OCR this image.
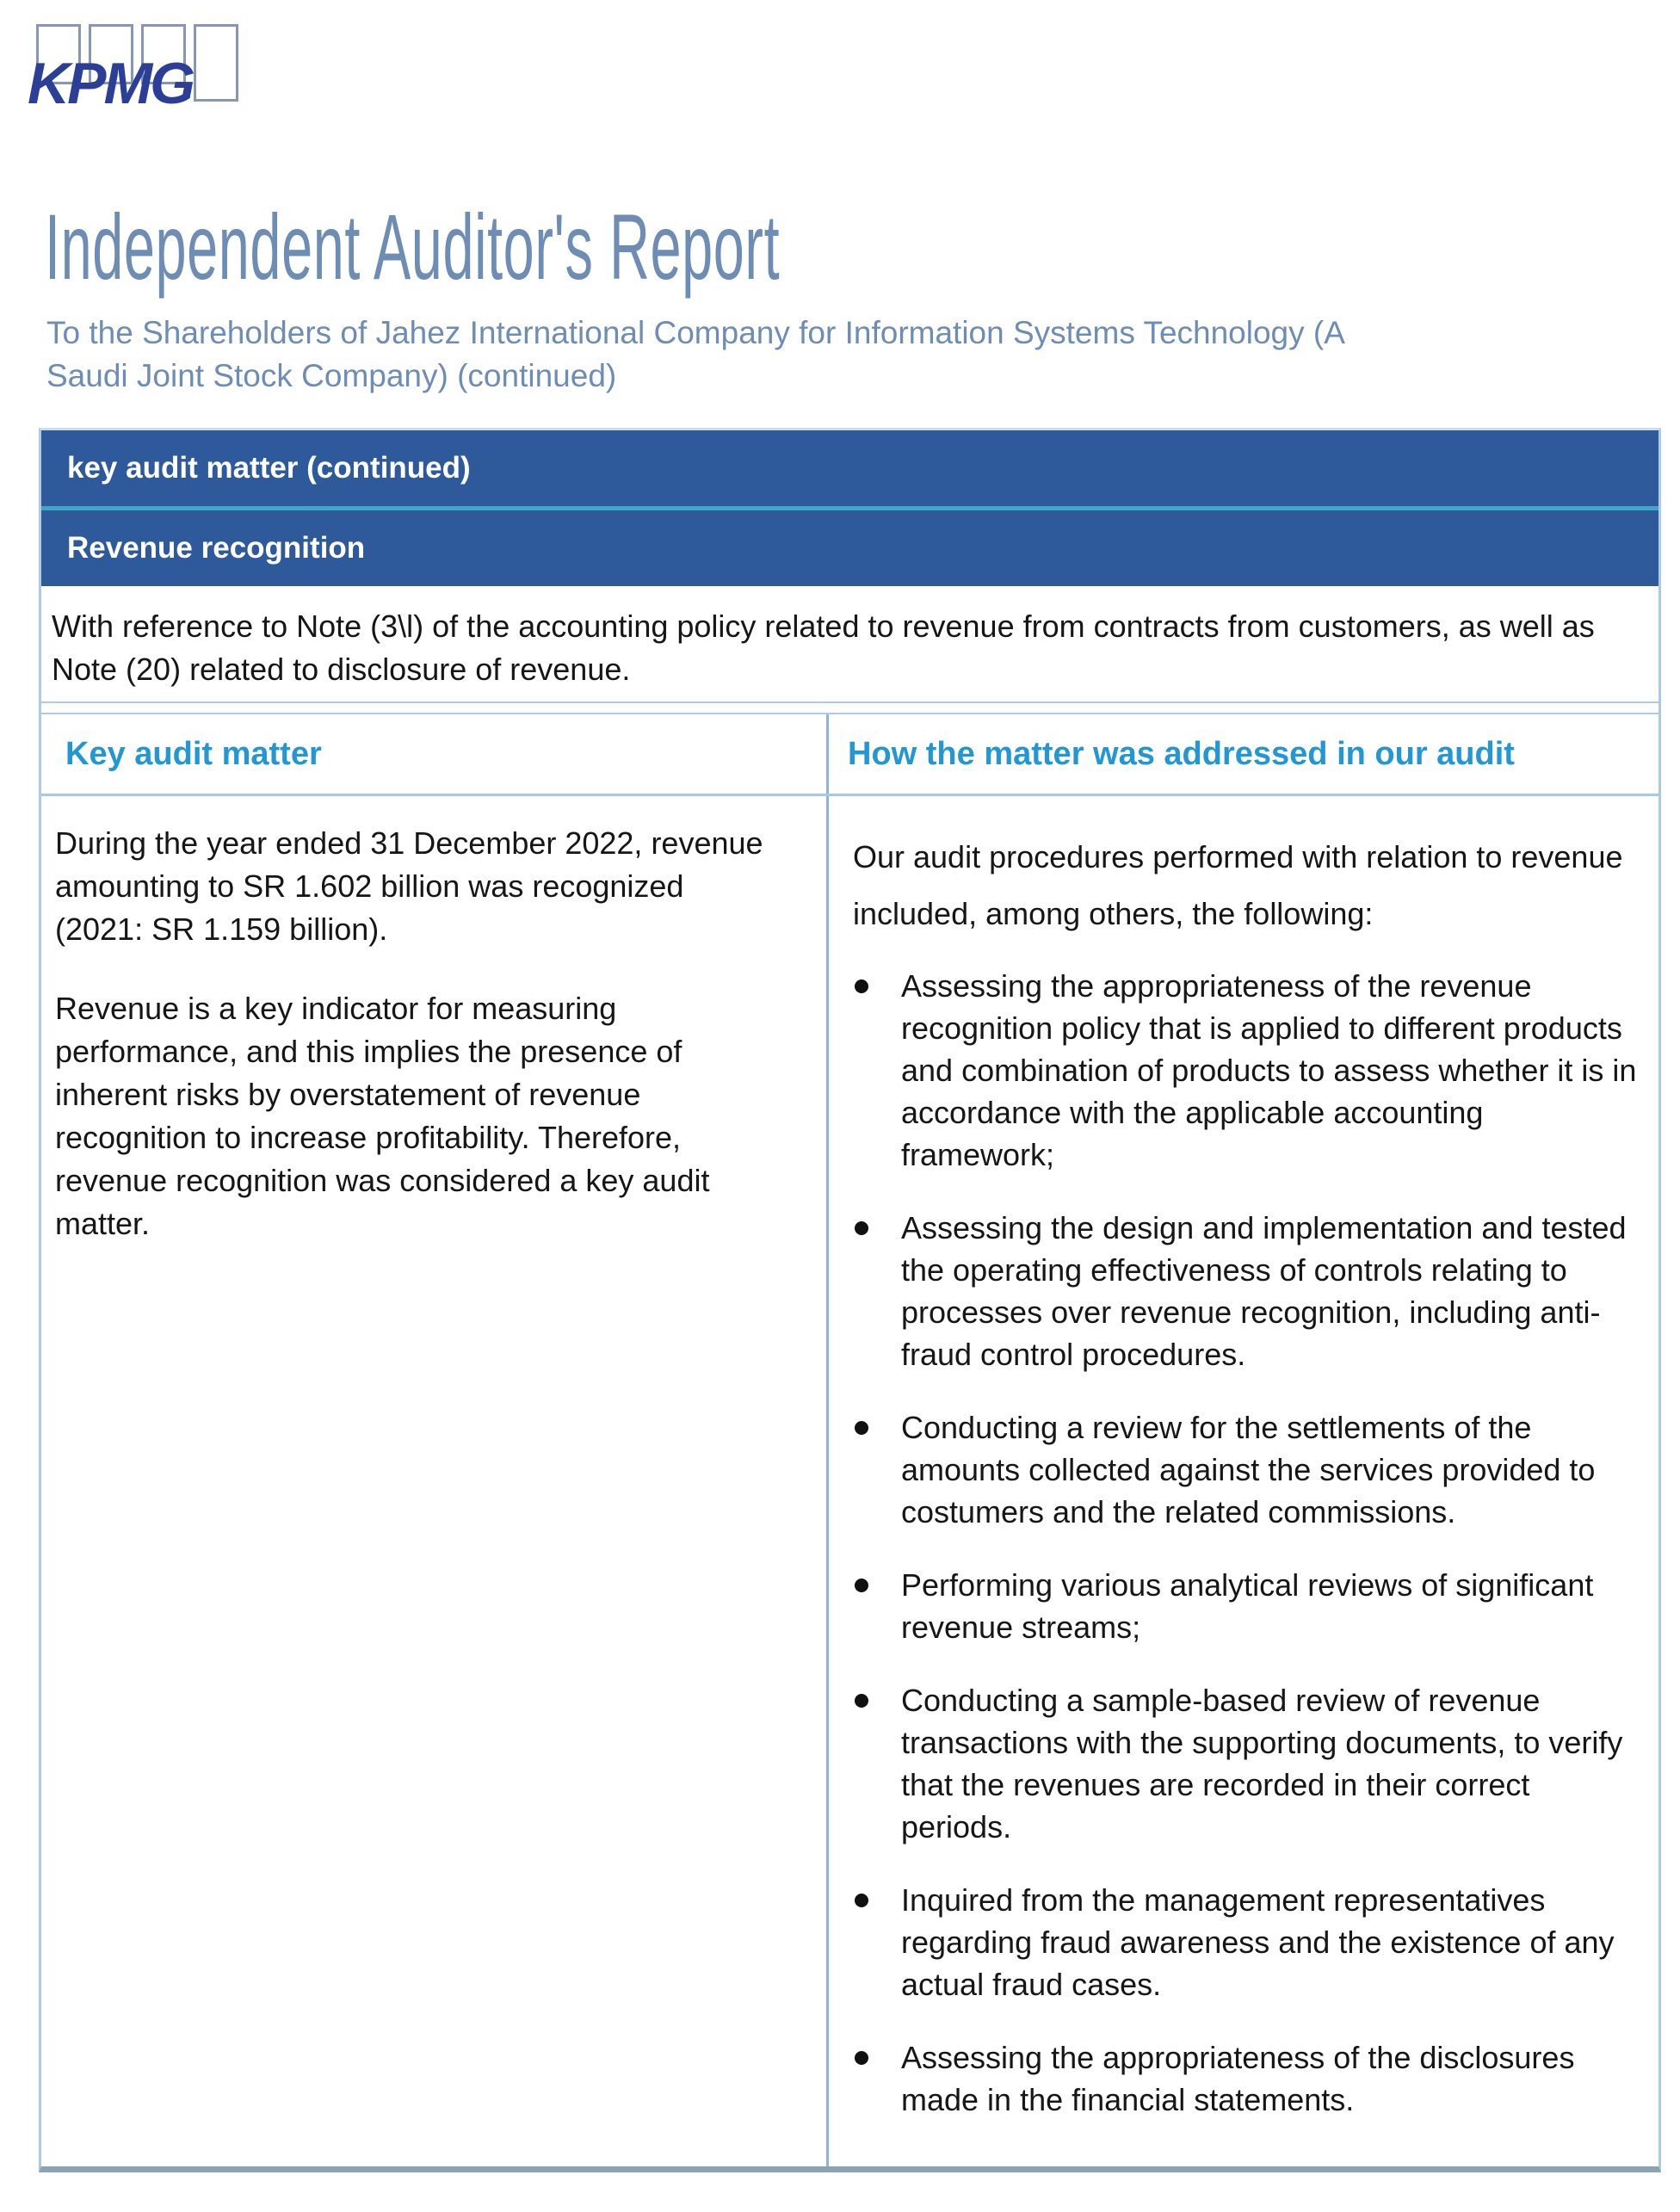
KPMG
Independent Auditor's Report
To the Shareholders of Jahez International Company for Information Systems Technology (A Saudi Joint Stock Company) (continued)
key audit matter (continued)
Revenue recognition
With reference to Note (3\l) of the accounting policy related to revenue from contracts from customers, as well as Note (20) related to disclosure of revenue.
Key audit matter	How the matter was addressed in our audit

During the year ended 31 December 2022, revenue amounting to SR 1.602 billion was recognized (2021: SR 1.159 billion).

Revenue is a key indicator for measuring performance, and this implies the presence of inherent risks by overstatement of revenue recognition to increase profitability. Therefore, revenue recognition was considered a key audit matter.

Our audit procedures performed with relation to revenue included, among others, the following:
Assessing the appropriateness of the revenue recognition policy that is applied to different products and combination of products to assess whether it is in accordance with the applicable accounting framework;
Assessing the design and implementation and tested the operating effectiveness of controls relating to processes over revenue recognition, including anti-fraud control procedures.
Conducting a review for the settlements of the amounts collected against the services provided to costumers and the related commissions.
Performing various analytical reviews of significant revenue streams;
Conducting a sample-based review of revenue transactions with the supporting documents, to verify that the revenues are recorded in their correct periods.
Inquired from the management representatives regarding fraud awareness and the existence of any actual fraud cases.
Assessing the appropriateness of the disclosures made in the financial statements.
